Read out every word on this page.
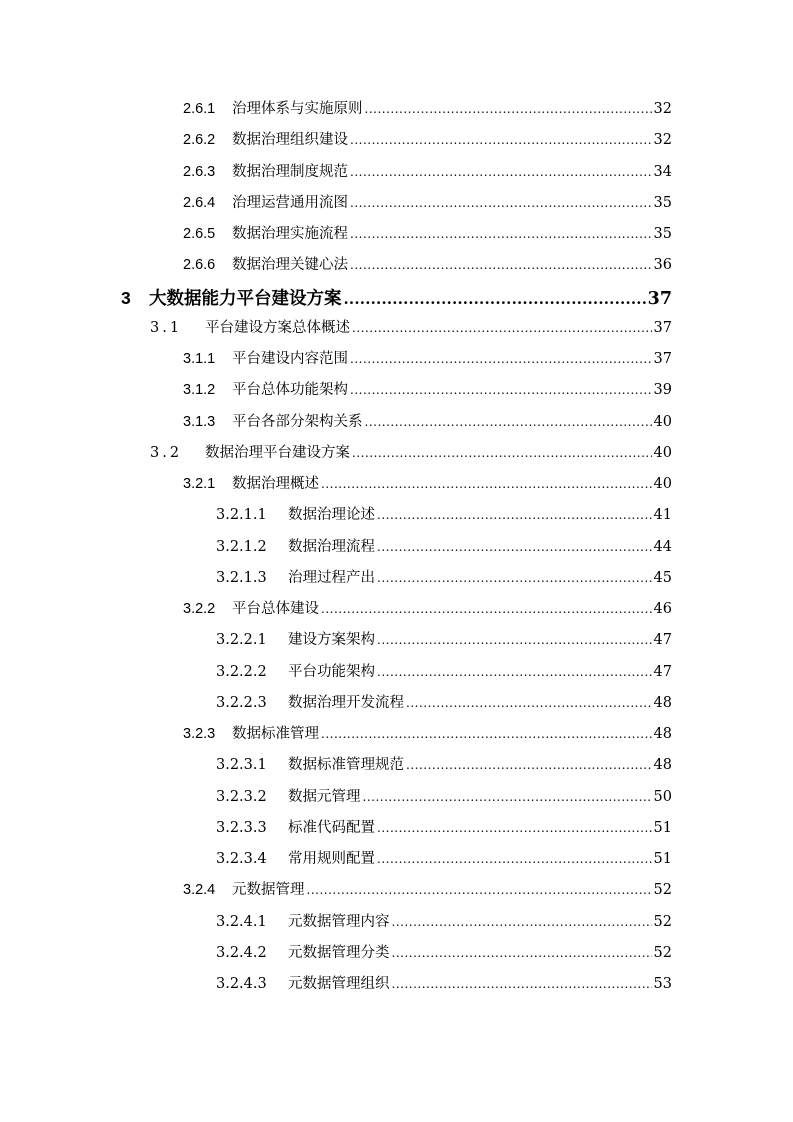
2.6.1	治理体系与实施原则 .....	32
2.6.2	数据治理组织建设 .....	32
2.6.3	数据治理制度规范 .....	34
2.6.4	治理运营通用流图 .....	35
2.6.5	数据治理实施流程 .....	35
2.6.6	数据治理关键心法 .....	36
3	大数据能力平台建设方案 .....	37
3.1	平台建设方案总体概述 .....	37
3.1.1	平台建设内容范围 .....	37
3.1.2	平台总体功能架构 .....	39
3.1.3	平台各部分架构关系 .....	40
3.2	数据治理平台建设方案 .....	40
3.2.1	数据治理概述 .....	40
3.2.1.1	数据治理论述 .....	41
3.2.1.2	数据治理流程 .....	44
3.2.1.3	治理过程产出 .....	45
3.2.2	平台总体建设 .....	46
3.2.2.1	建设方案架构 .....	47
3.2.2.2	平台功能架构 .....	47
3.2.2.3	数据治理开发流程 .....	48
3.2.3	数据标准管理 .....	48
3.2.3.1	数据标准管理规范 .....	48
3.2.3.2	数据元管理 .....	50
3.2.3.3	标准代码配置 .....	51
3.2.3.4	常用规则配置 .....	51
3.2.4	元数据管理 .....	52
3.2.4.1	元数据管理内容 .....	52
3.2.4.2	元数据管理分类 .....	52
3.2.4.3	元数据管理组织 .....	53
